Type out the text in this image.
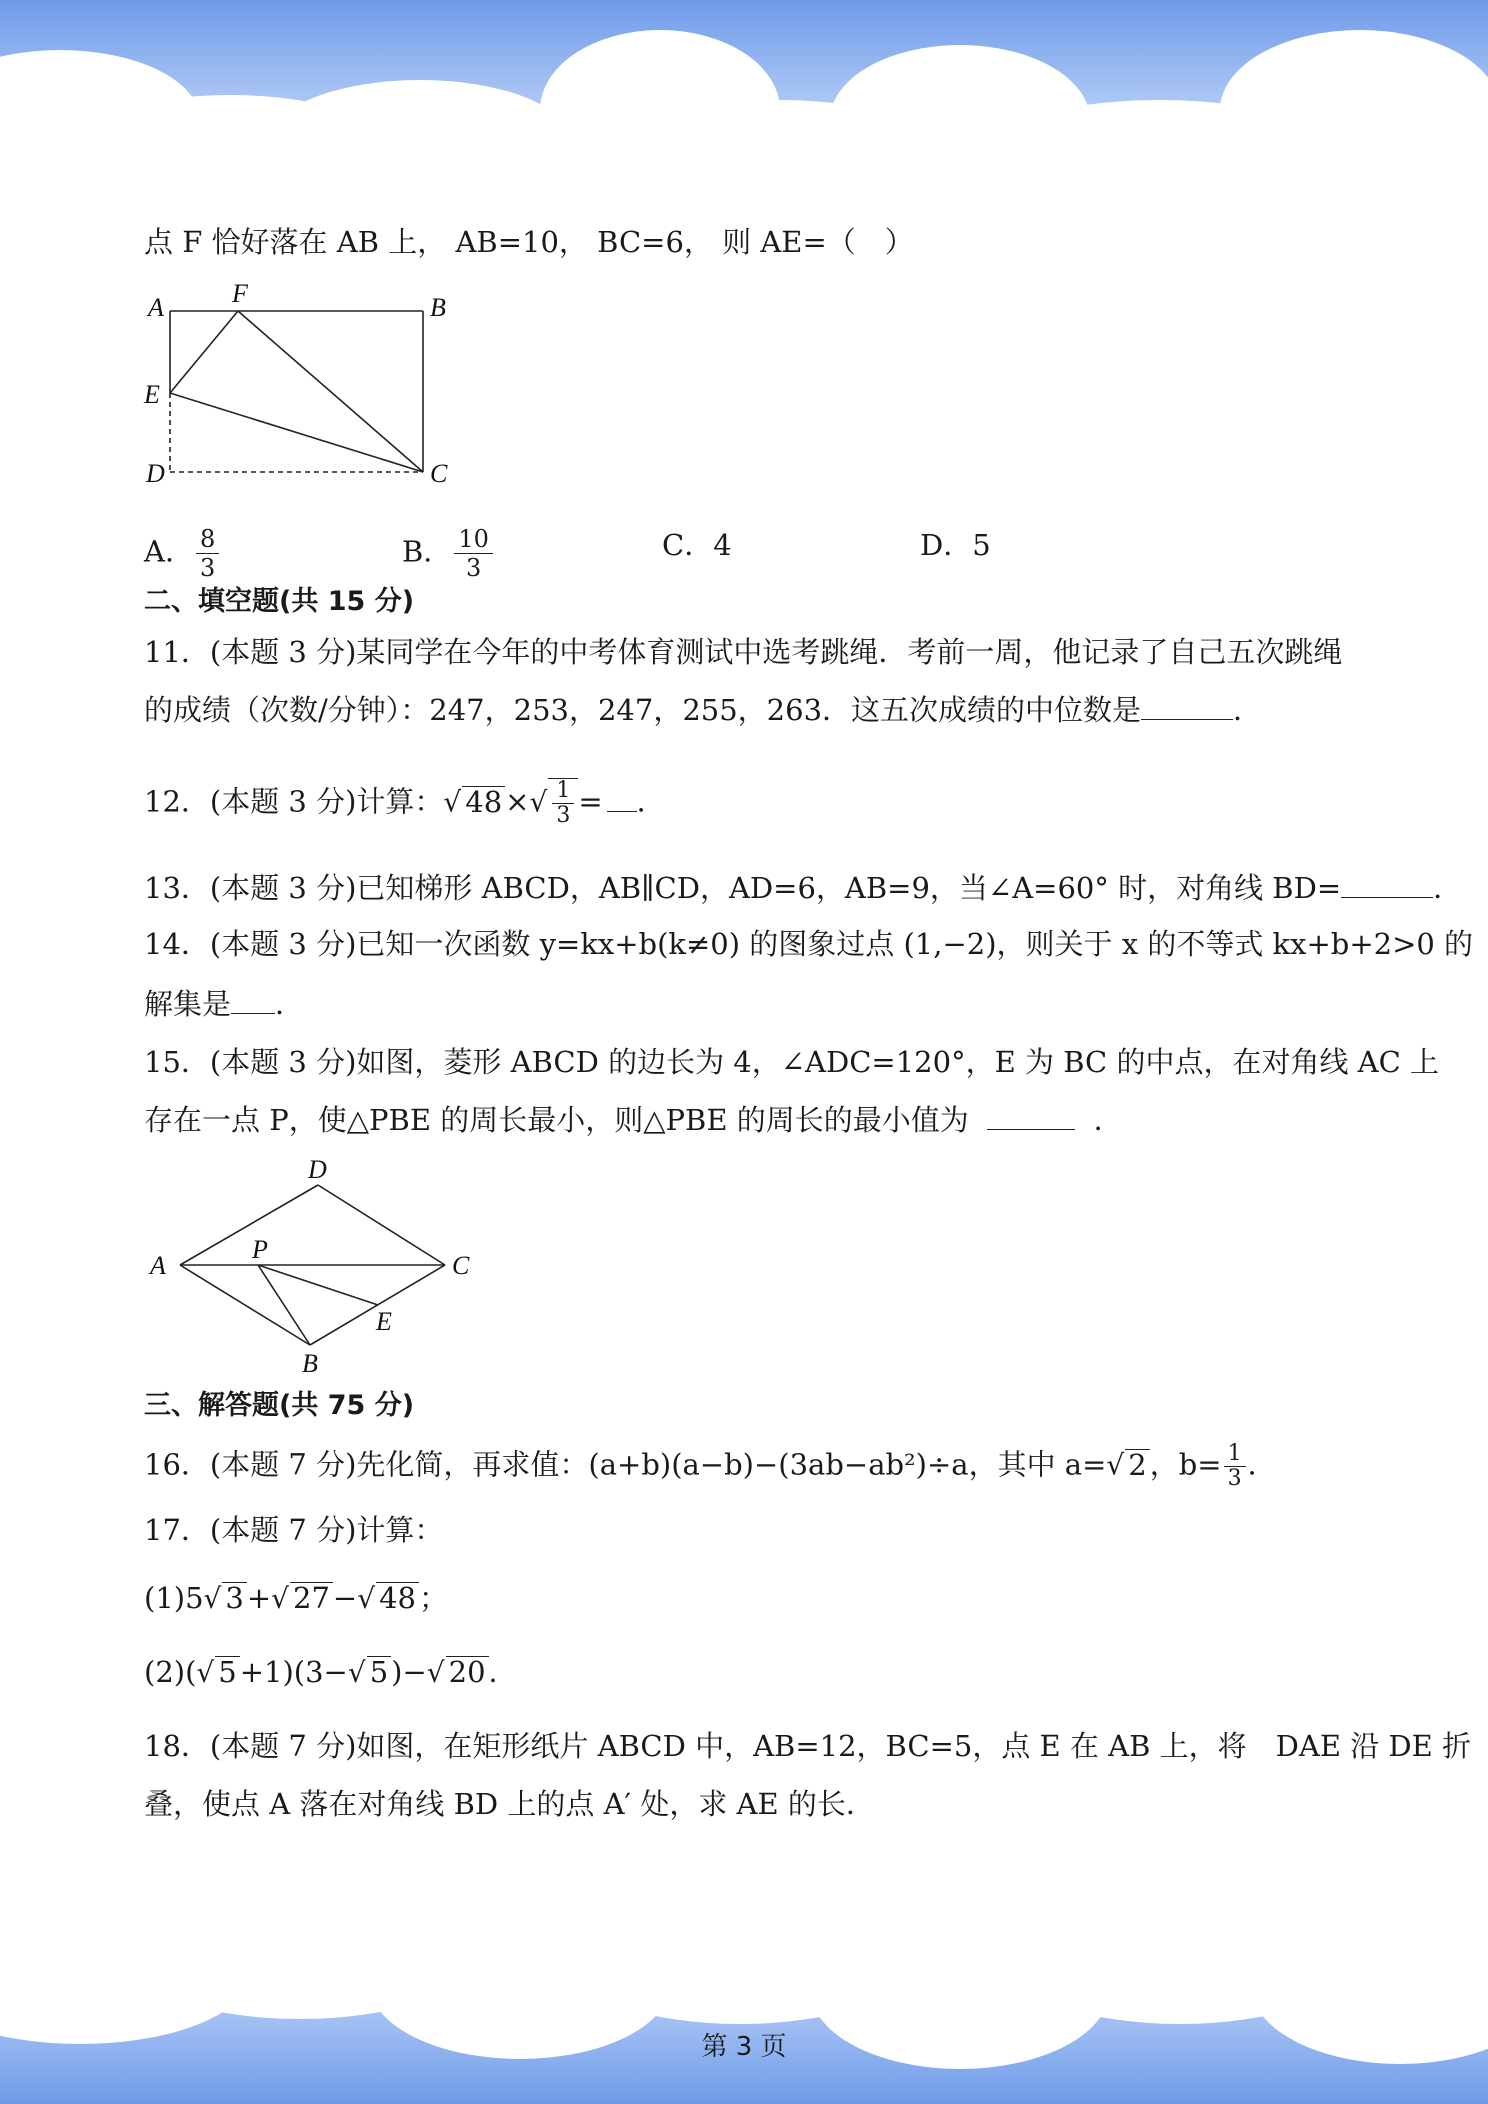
点 F 恰好落在 AB 上， AB=10， BC=6， 则 AE=（　）
A	F	B
E
D	C
A． $\frac{8}{3}$	B． $\frac{10}{3}$	C．4	D．5
二、填空题(共 15 分)
11．(本题 3 分)某同学在今年的中考体育测试中选考跳绳．考前一周，他记录了自己五次跳绳
的成绩（次数/分钟）：247，253，247，255，263．这五次成绩的中位数是	．
12．(本题 3 分)计算：√ 48 ×√ $\frac{1}{3}$ = ．
13．(本题 3 分)已知梯形 ABCD，AB∥CD，AD=6，AB=9，当∠A=60° 时，对角线 BD=	．
14．(本题 3 分)已知一次函数 y=kx+b(k≠0) 的图象过点 (1,−2)，则关于 x 的不等式 kx+b+2>0 的
解集是 ．
15．(本题 3 分)如图，菱形 ABCD 的边长为 4，∠ADC=120°，E 为 BC 的中点，在对角线 AC 上
存在一点 P，使△PBE 的周长最小，则△PBE 的周长的最小值为	．
D
A
P
C
E
B
三、解答题(共 75 分)
16．(本题 7 分)先化简，再求值：(a+b)(a−b)−(3ab−ab²)÷a，其中 a=√ 2 ，$b= \frac{1}{3}$ ．
17．(本题 7 分)计算：
(1)5√ 3 +√ 27 −√ 48 ；
(2)(√ 5 +1)(3−√ 5 )−√ 20 ．
18．(本题 7 分)如图，在矩形纸片 ABCD 中，AB=12，BC=5，点 E 在 AB 上，将　DAE 沿 DE 折
叠，使点 A 落在对角线 BD 上的点 A′ 处，求 AE 的长．
第 3 页
